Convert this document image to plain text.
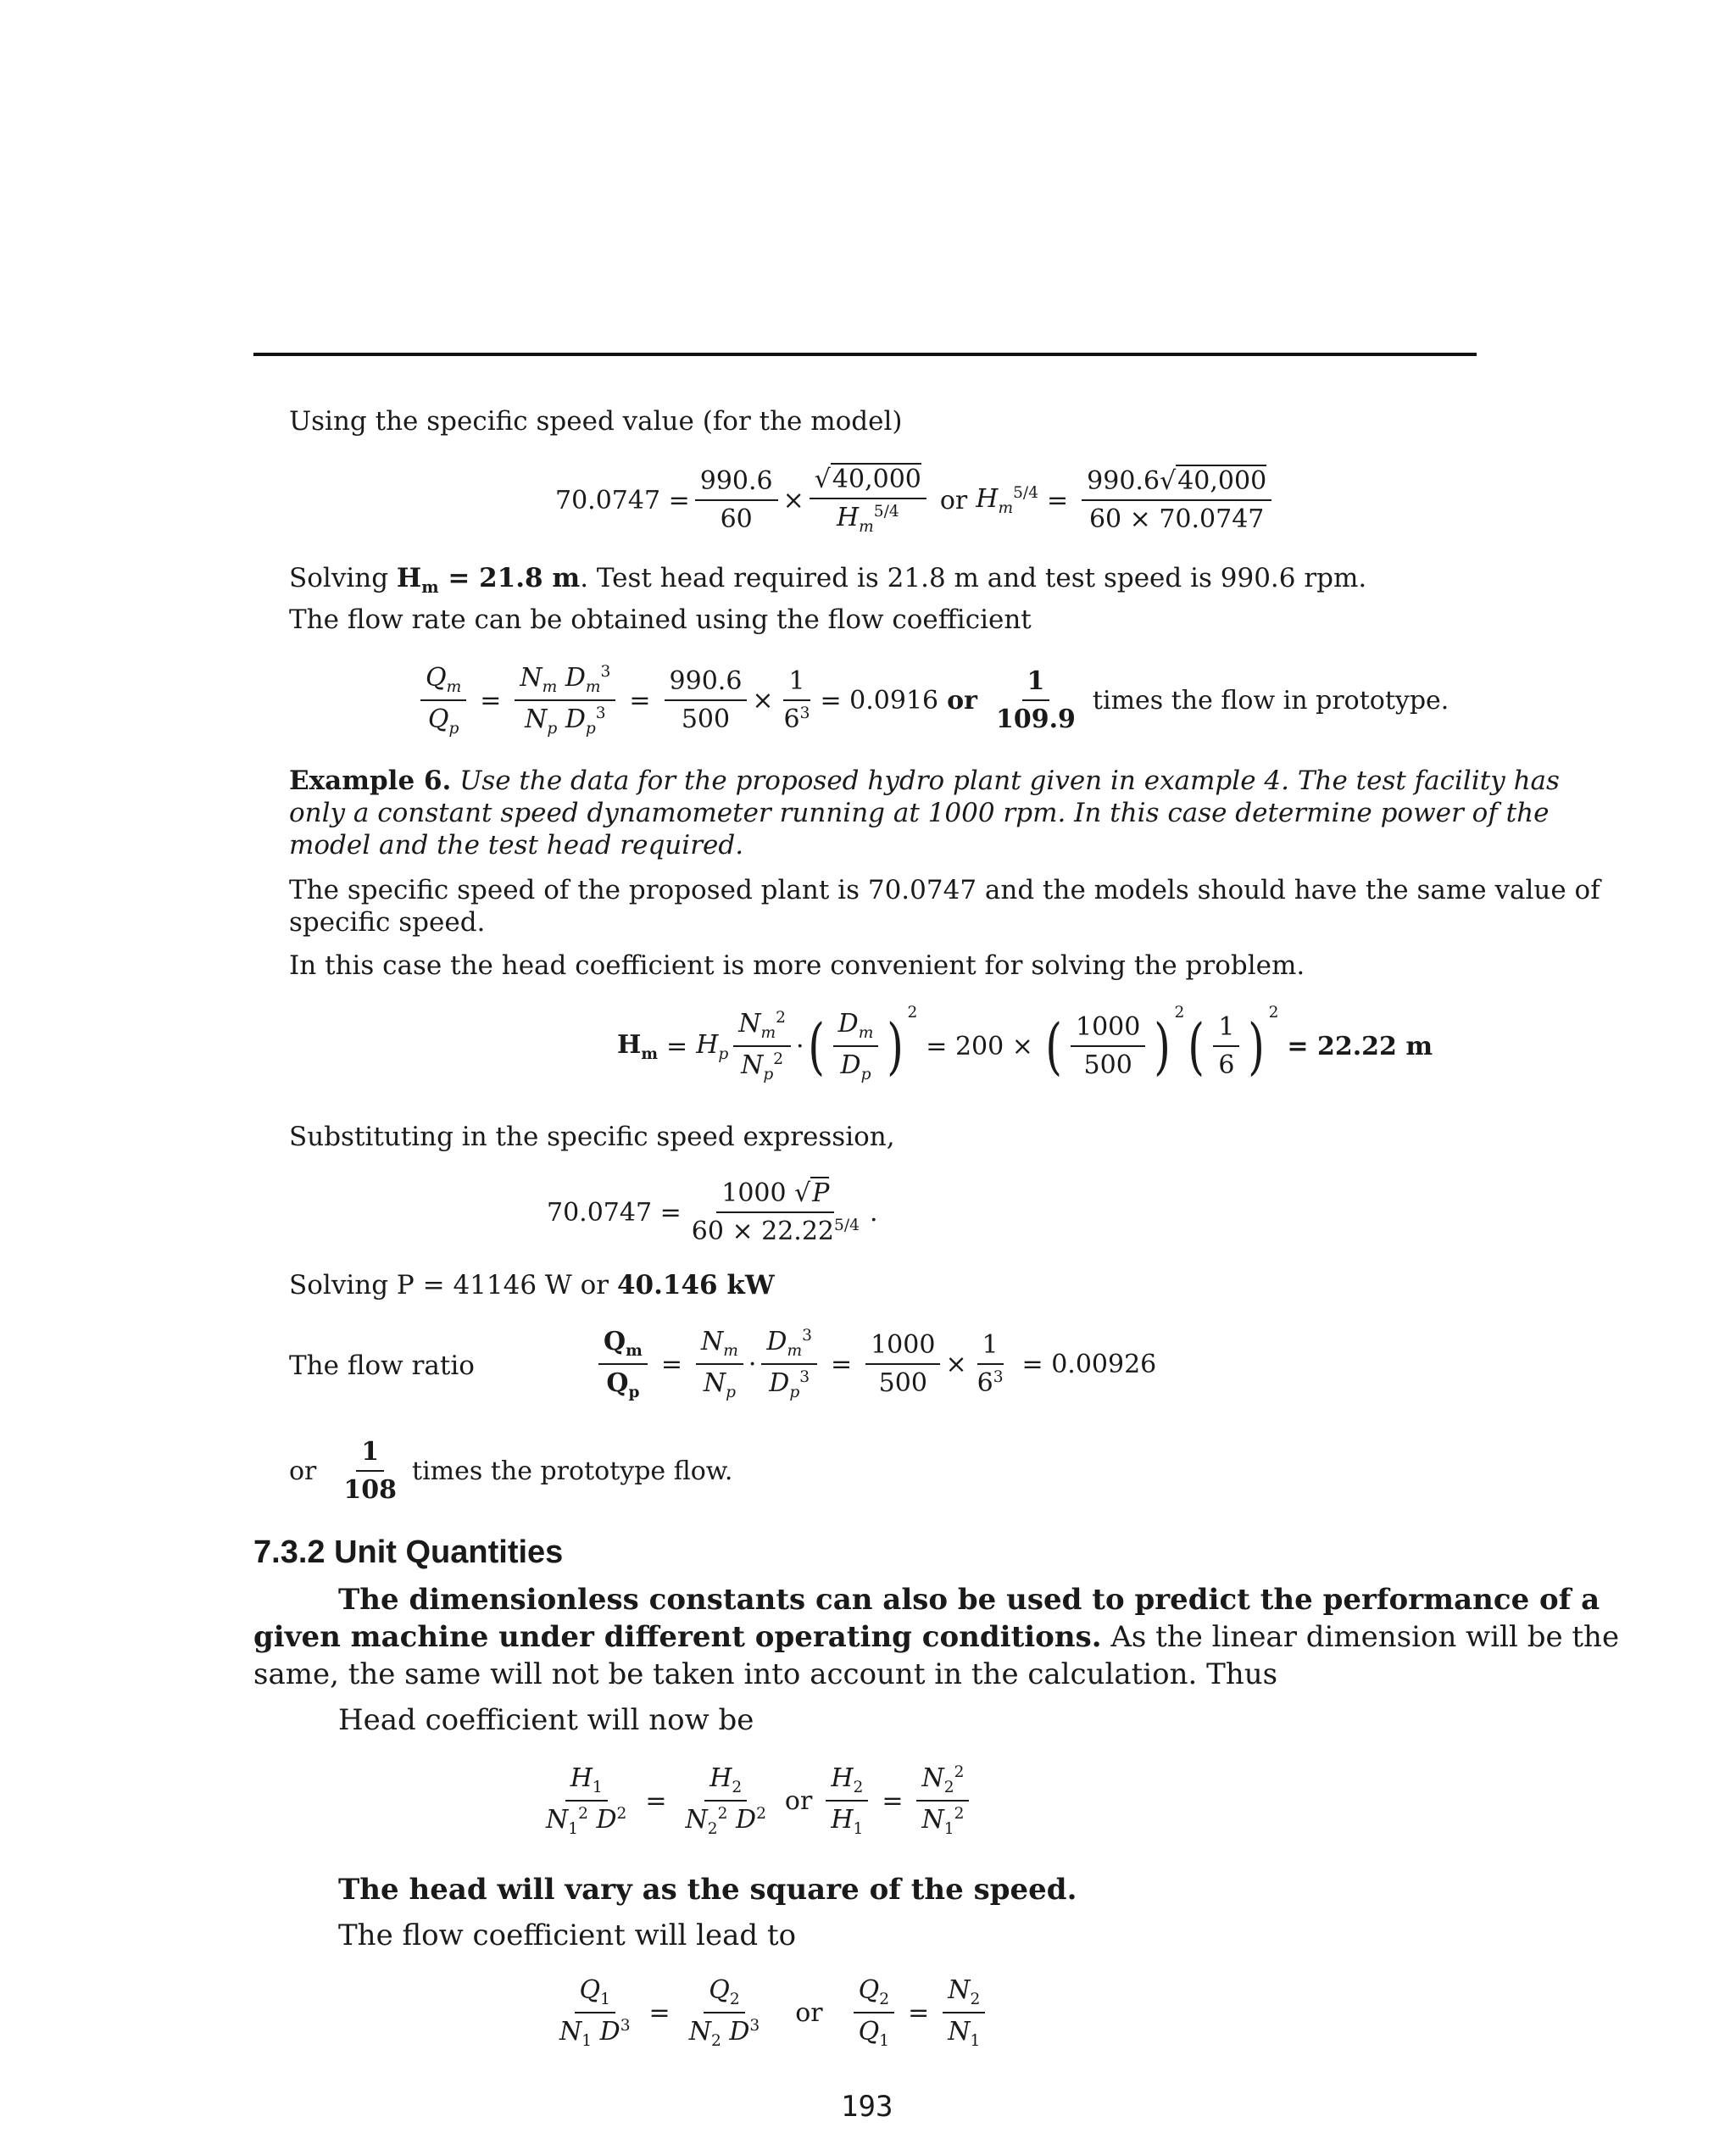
Using the specific speed value (for the model)
$70.0747 = \frac{990.6}{60} \times \frac{√40,000}{H_m^{5/4}}$ or $H_m^{5/4} = \frac{990.6√40,000}{60 \times 70.0747}$
Solving $H_m = 21.8$ m. Test head required is 21.8 m and test speed is 990.6 rpm.
The flow rate can be obtained using the flow coefficient
$\frac{Q_m}{Q_p} = \frac{N_m D_m^3}{N_p D_p^3} = \frac{990.6}{500} \times \frac{1}{6^3} = 0.0916$ or $\frac{1}{109.9}$ times the flow in prototype.
Example 6. Use the data for the proposed hydro plant given in example 4. The test facility has
only a constant speed dynamometer running at 1000 rpm. In this case determine power of the
model and the test head required.
The specific speed of the proposed plant is 70.0747 and the models should have the same value of
specific speed.
In this case the head coefficient is more convenient for solving the problem.
$H_m = H_p \frac{N_m^2}{N_p^2}$ · ( $\frac{D_m}{D_p} )^2$
= 200 × ( $\frac{1000}{500} )^2$ ( $\frac{1}{6} )^2$
= 22.22 m
Substituting in the specific speed expression,
$70.0747 = \frac{1000 √P}{60 \times 22.22^{5/4}}$ .
Solving P = 41146 W or 40.146 kW
The flow ratio	$\frac{Q_m}{Q_p} = \frac{N_m}{N_p} \cdot \frac{D_m^3}{D_p^3} = \frac{1000}{500} \times \frac{1}{6^3} = 0.00926$
or $\frac{1}{108}$ times the prototype flow.
7.3.2 Unit Quantities
The dimensionless constants can also be used to predict the performance of a
given machine under different operating conditions. As the linear dimension will be the
same, the same will not be taken into account in the calculation. Thus
Head coefficient will now be
$\frac{H_1}{N_1^2 D^2} = \frac{H_2}{N_2^2 D^2}$ or $\frac{H_2}{H_1} = \frac{N_2^2}{N_1^2}$
The head will vary as the square of the speed.
The flow coefficient will lead to
$\frac{Q_1}{N_1 D^3} = \frac{Q_2}{N_2 D^3}$ or $\frac{Q_2}{Q_1} = \frac{N_2}{N_1}$
193
